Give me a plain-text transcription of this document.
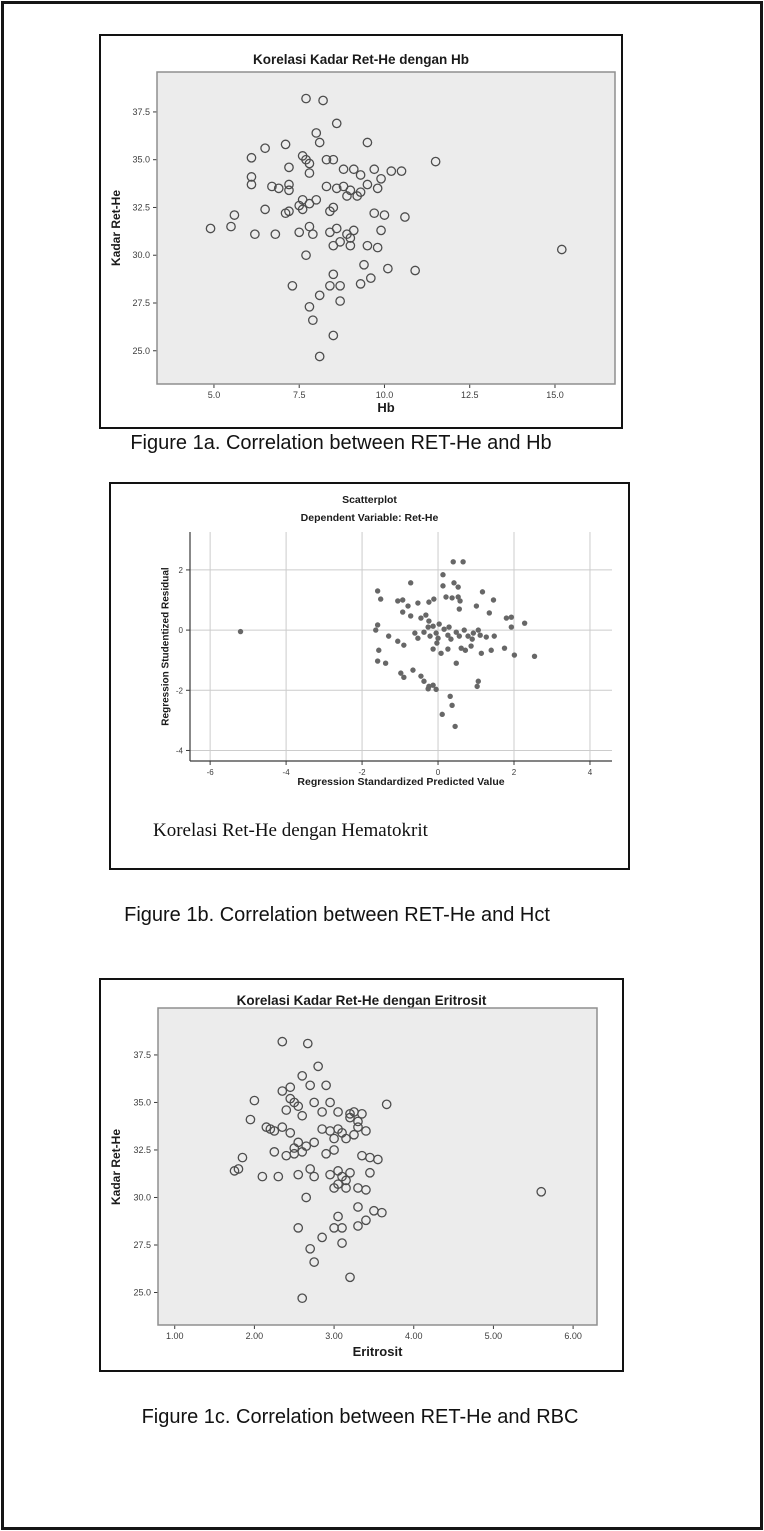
Korelasi Kadar Ret-He dengan Hb
Kadar Ret-He
5.0	7.5	10.0	12.5	15.0
25.0
27.5
30.0
32.5
35.0
37.5
Hb
Figure 1a. Correlation between RET-He and Hb
Scatterplot
Dependent Variable: Ret-He
Regression Studentized Residual
-6	-4	-2	0	2	4
-4
-2
0
2
Regression Standardized Predicted Value
Korelasi Ret-He dengan Hematokrit
Figure 1b. Correlation between RET-He and Hct
Korelasi Kadar Ret-He dengan Eritrosit
Kadar Ret-He
1.00	2.00	3.00	4.00	5.00	6.00
25.0
27.5
30.0
32.5
35.0
37.5
Eritrosit
Figure 1c. Correlation between RET-He and RBC
